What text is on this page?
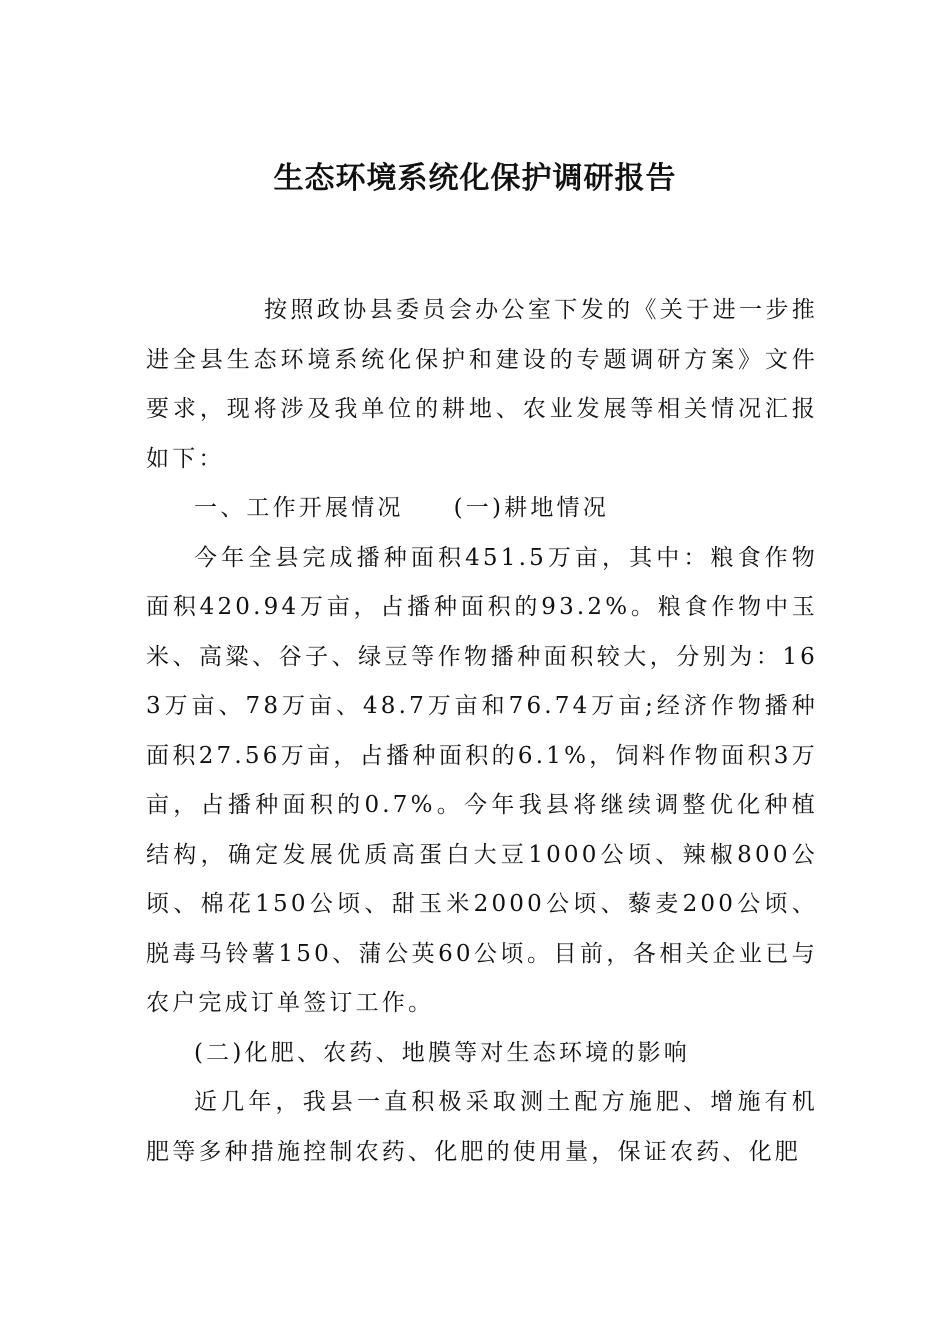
生态环境系统化保护调研报告

按照政协县委员会办公室下发的《关于进一步推进全县生态环境系统化保护和建设的专题调研方案》文件要求，现将涉及我单位的耕地、农业发展等相关情况汇报如下：

一、工作开展情况 (一)耕地情况

今年全县完成播种面积451.5万亩，其中：粮食作物面积420.94万亩，占播种面积的93.2%。粮食作物中玉米、高粱、谷子、绿豆等作物播种面积较大，分别为：163万亩、78万亩、48.7万亩和76.74万亩;经济作物播种面积27.56万亩，占播种面积的6.1%，饲料作物面积3万亩，占播种面积的0.7%。今年我县将继续调整优化种植结构，确定发展优质高蛋白大豆1000公顷、辣椒800公顷、棉花150公顷、甜玉米2000公顷、藜麦200公顷、脱毒马铃薯150、蒲公英60公顷。目前，各相关企业已与农户完成订单签订工作。

(二)化肥、农药、地膜等对生态环境的影响

近几年，我县一直积极采取测土配方施肥、增施有机肥等多种措施控制农药、化肥的使用量，保证农药、化肥
